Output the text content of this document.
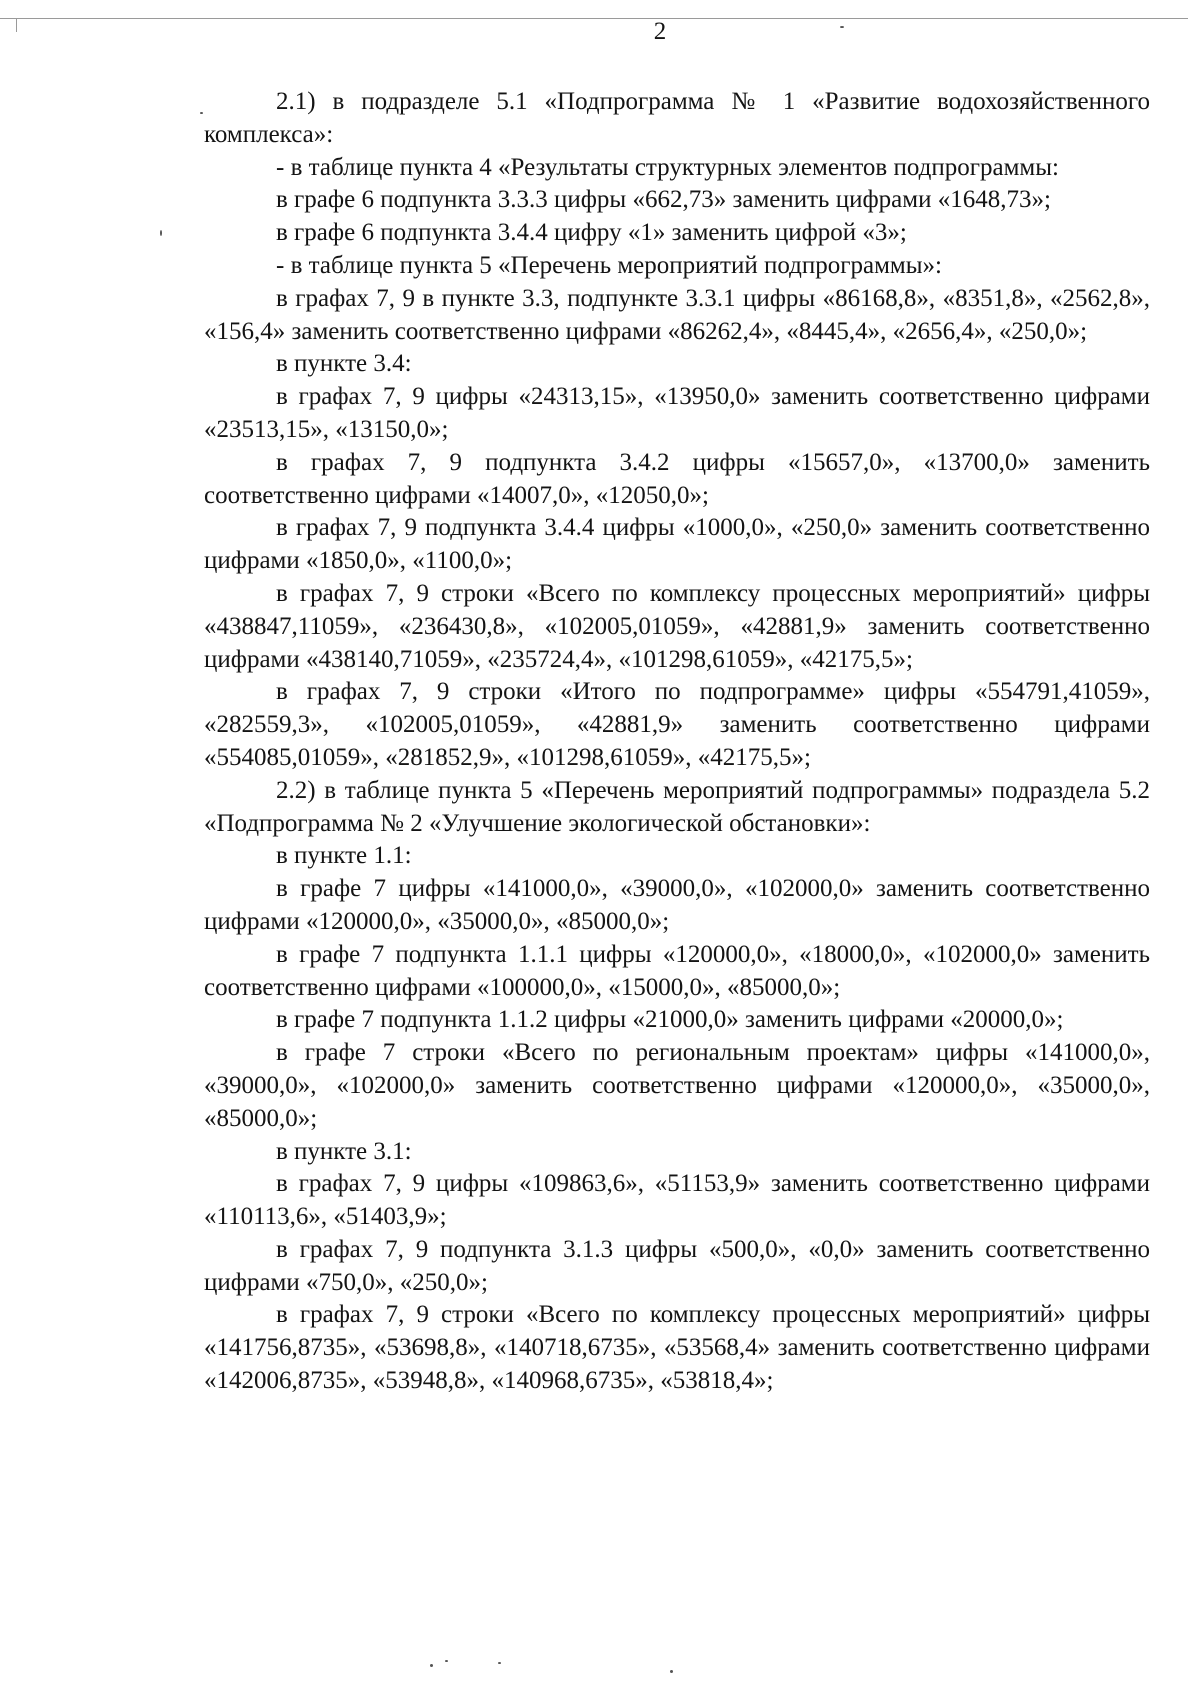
2

2.1) в подразделе 5.1 «Подпрограмма № 1 «Развитие водохозяйственного комплекса»:

- в таблице пункта 4 «Результаты структурных элементов подпрограммы:

в графе 6 подпункта 3.3.3 цифры «662,73» заменить цифрами «1648,73»;

в графе 6 подпункта 3.4.4 цифру «1» заменить цифрой «3»;

- в таблице пункта 5 «Перечень мероприятий подпрограммы»:

в графах 7, 9 в пункте 3.3, подпункте 3.3.1 цифры «86168,8», «8351,8», «2562,8», «156,4» заменить соответственно цифрами «86262,4», «8445,4», «2656,4», «250,0»;

в пункте 3.4:

в графах 7, 9 цифры «24313,15», «13950,0» заменить соответственно цифрами «23513,15», «13150,0»;

в графах 7, 9 подпункта 3.4.2 цифры «15657,0», «13700,0» заменить соответственно цифрами «14007,0», «12050,0»;

в графах 7, 9 подпункта 3.4.4 цифры «1000,0», «250,0» заменить соответственно цифрами «1850,0», «1100,0»;

в графах 7, 9 строки «Всего по комплексу процессных мероприятий» цифры «438847,11059», «236430,8», «102005,01059», «42881,9» заменить соответственно цифрами «438140,71059», «235724,4», «101298,61059», «42175,5»;

в графах 7, 9 строки «Итого по подпрограмме» цифры «554791,41059», «282559,3», «102005,01059», «42881,9» заменить соответственно цифрами «554085,01059», «281852,9», «101298,61059», «42175,5»;

2.2) в таблице пункта 5 «Перечень мероприятий подпрограммы» подраздела 5.2 «Подпрограмма № 2 «Улучшение экологической обстановки»:

в пункте 1.1:

в графе 7 цифры «141000,0», «39000,0», «102000,0» заменить соответственно цифрами «120000,0», «35000,0», «85000,0»;

в графе 7 подпункта 1.1.1 цифры «120000,0», «18000,0», «102000,0» заменить соответственно цифрами «100000,0», «15000,0», «85000,0»;

в графе 7 подпункта 1.1.2 цифры «21000,0» заменить цифрами «20000,0»;

в графе 7 строки «Всего по региональным проектам» цифры «141000,0», «39000,0», «102000,0» заменить соответственно цифрами «120000,0», «35000,0», «85000,0»;

в пункте 3.1:

в графах 7, 9 цифры «109863,6», «51153,9» заменить соответственно цифрами «110113,6», «51403,9»;

в графах 7, 9 подпункта 3.1.3 цифры «500,0», «0,0» заменить соответственно цифрами «750,0», «250,0»;

в графах 7, 9 строки «Всего по комплексу процессных мероприятий» цифры «141756,8735», «53698,8», «140718,6735», «53568,4» заменить соответственно цифрами «142006,8735», «53948,8», «140968,6735», «53818,4»;
